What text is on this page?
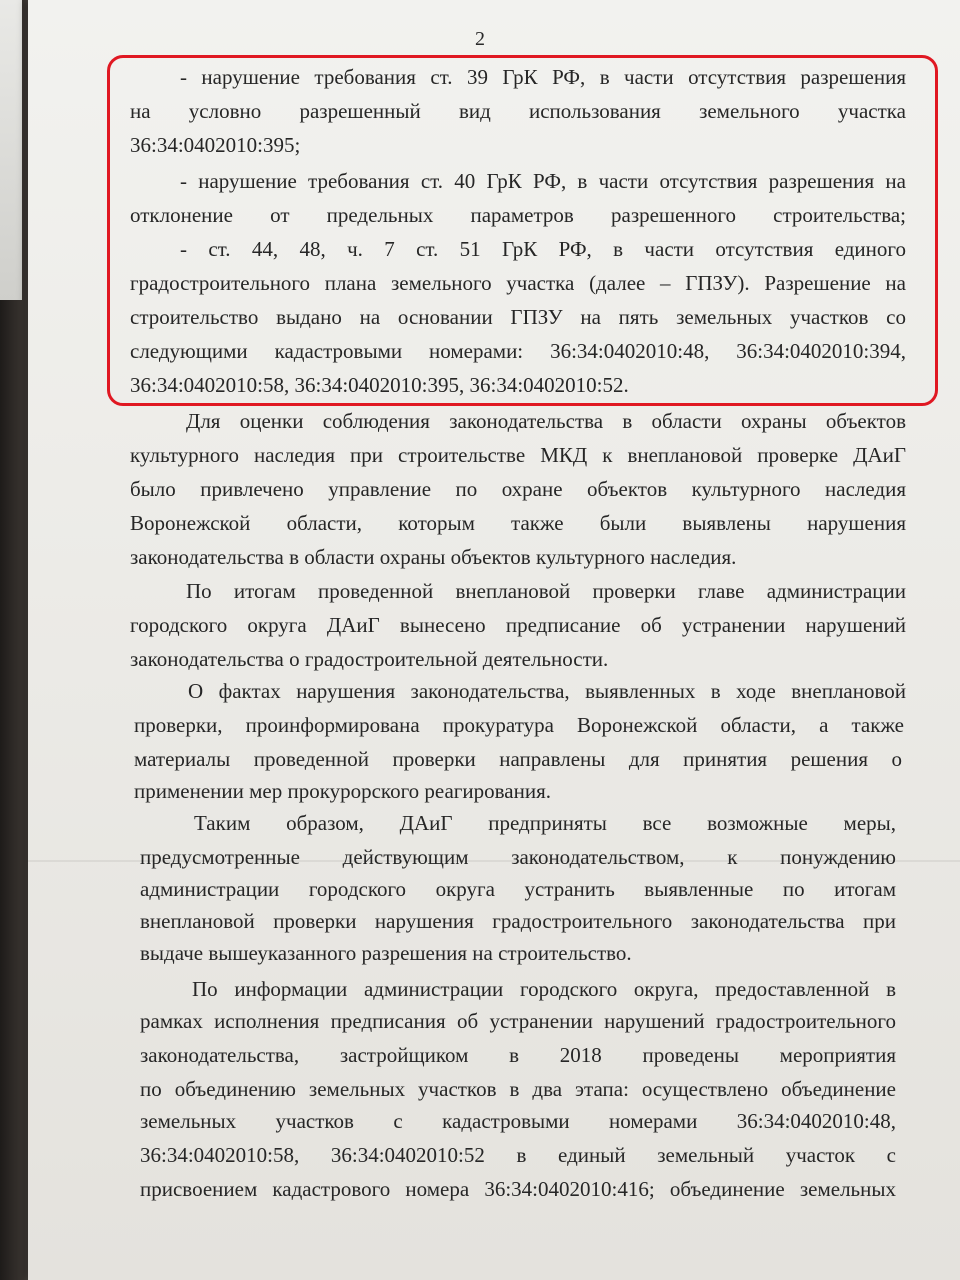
2
- нарушение требования ст. 39 ГрК РФ, в части отсутствия разрешения
на условно разрешенный вид использования земельного участка
36:34:0402010:395;
- нарушение требования ст. 40 ГрК РФ, в части отсутствия разрешения на
отклонение от предельных параметров разрешенного строительства;
- ст. 44, 48, ч. 7 ст. 51 ГрК РФ, в части отсутствия единого
градостроительного плана земельного участка (далее – ГПЗУ). Разрешение на
строительство выдано на основании ГПЗУ на пять земельных участков со
следующими кадастровыми номерами: 36:34:0402010:48, 36:34:0402010:394,
36:34:0402010:58, 36:34:0402010:395, 36:34:0402010:52.
Для оценки соблюдения законодательства в области охраны объектов
культурного наследия при строительстве МКД к внеплановой проверке ДАиГ
было привлечено управление по охране объектов культурного наследия
Воронежской области, которым также были выявлены нарушения
законодательства в области охраны объектов культурного наследия.
По итогам проведенной внеплановой проверки главе администрации
городского округа ДАиГ вынесено предписание об устранении нарушений
законодательства о градостроительной деятельности.
О фактах нарушения законодательства, выявленных в ходе внеплановой
проверки, проинформирована прокуратура Воронежской области, а также
материалы проведенной проверки направлены для принятия решения о
применении мер прокурорского реагирования.
Таким образом, ДАиГ предприняты все возможные меры,
предусмотренные действующим законодательством, к понуждению
администрации городского округа устранить выявленные по итогам
внеплановой проверки нарушения градостроительного законодательства при
выдаче вышеуказанного разрешения на строительство.
По информации администрации городского округа, предоставленной в
рамках исполнения предписания об устранении нарушений градостроительного
законодательства, застройщиком в 2018 проведены мероприятия
по объединению земельных участков в два этапа: осуществлено объединение
земельных участков с кадастровыми номерами 36:34:0402010:48,
36:34:0402010:58, 36:34:0402010:52 в единый земельный участок с
присвоением кадастрового номера 36:34:0402010:416; объединение земельных
